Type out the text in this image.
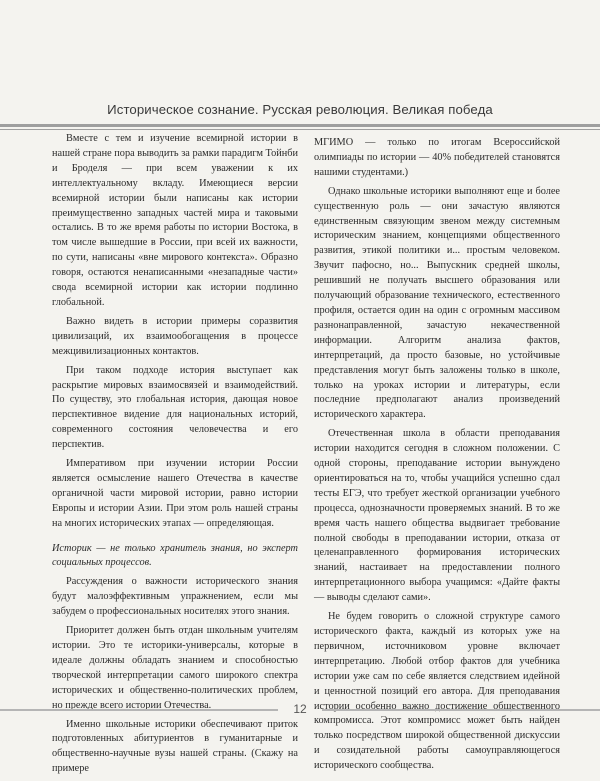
Историческое сознание. Русская революция. Великая победа

Вместе с тем и изучение всемирной истории в нашей стране пора выводить за рамки парадигм Тойнби и Броделя — при всем уважении к их интеллектуальному вкладу. Имеющиеся версии всемирной истории были написаны как истории преимущественно западных частей мира и таковыми остались. В то же время работы по истории Востока, в том числе вышедшие в России, при всей их важности, по сути, написаны «вне мирового контекста». Образно говоря, остаются ненаписанными «незападные части» свода всемирной истории как истории подлинно глобальной.

Важно видеть в истории примеры соразвития цивилизаций, их взаимообогащения в процессе межцивилизационных контактов.

При таком подходе история выступает как раскрытие мировых взаимосвязей и взаимодействий. По существу, это глобальная история, дающая новое перспективное видение для национальных историй, современного состояния человечества и его перспектив.

Императивом при изучении истории России является осмысление нашего Отечества в качестве органичной части мировой истории, равно истории Европы и истории Азии. При этом роль нашей страны на многих исторических этапах — определяющая.

Историк — не только хранитель знания, но эксперт социальных процессов.

Рассуждения о важности исторического знания будут малоэффективным упражнением, если мы забудем о профессиональных носителях этого знания.

Приоритет должен быть отдан школьным учителям истории. Это те историки-универсалы, которые в идеале должны обладать знанием и способностью творческой интерпретации самого широкого спектра исторических и общественно-политических проблем, но прежде всего истории Отечества.

Именно школьные историки обеспечивают приток подготовленных абитуриентов в гуманитарные и общественно-научные вузы нашей страны. (Скажу на примере

МГИМО — только по итогам Всероссийской олимпиады по истории — 40% победителей становятся нашими студентами.)

Однако школьные историки выполняют еще и более существенную роль — они зачастую являются единственным связующим звеном между системным историческим знанием, концепциями общественного развития, этикой политики и... простым человеком. Звучит пафосно, но... Выпускник средней школы, решивший не получать высшего образования или получающий образование технического, естественного профиля, остается один на один с огромным массивом разнонаправленной, зачастую некачественной информации. Алгоритм анализа фактов, интерпретаций, да просто базовые, но устойчивые представления могут быть заложены только в школе, только на уроках истории и литературы, если последние предполагают анализ произведений исторического характера.

Отечественная школа в области преподавания истории находится сегодня в сложном положении. С одной стороны, преподавание истории вынуждено ориентироваться на то, чтобы учащийся успешно сдал тесты ЕГЭ, что требует жесткой организации учебного процесса, однозначности проверяемых знаний. В то же время часть нашего общества выдвигает требование полной свободы в преподавании истории, отказа от целенаправленного формирования исторических знаний, настаивает на предоставлении полного интерпретационного выбора учащимся: «Дайте факты — выводы сделают сами».

Не будем говорить о сложной структуре самого исторического факта, каждый из которых уже на первичном, источниковом уровне включает интерпретацию. Любой отбор фактов для учебника истории уже сам по себе является следствием идейной и ценностной позиций его автора. Для преподавания истории особенно важно достижение общественного компромисса. Этот компромисс может быть найден только посредством широкой общественной дискуссии и созидательной работы самоуправляющегося исторического сообщества.

12
